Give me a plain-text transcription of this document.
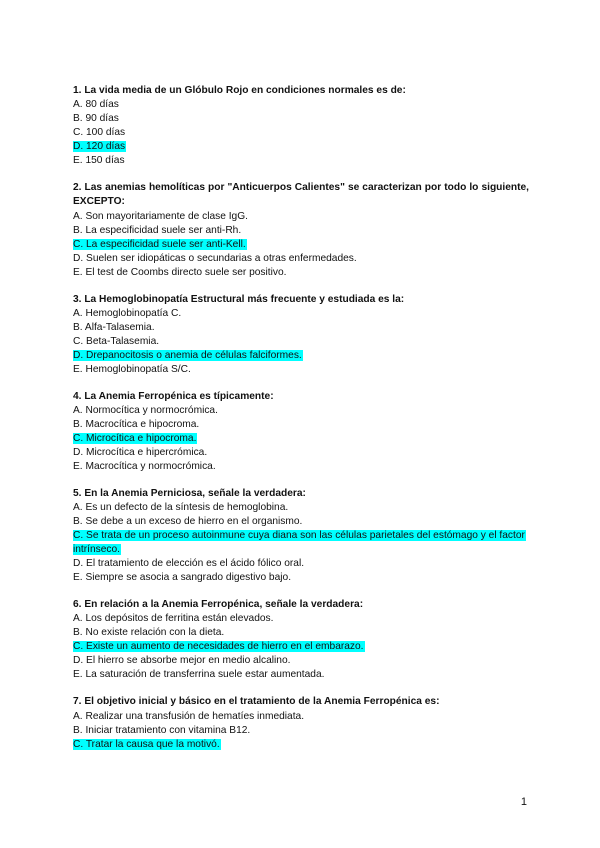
1. La vida media de un Glóbulo Rojo en condiciones normales es de:

A. 80 días
B. 90 días
C. 100 días
D. 120 días
E. 150 días

2. Las anemias hemolíticas por "Anticuerpos Calientes" se caracterizan por todo lo siguiente, EXCEPTO:

A. Son mayoritariamente de clase IgG.
B. La especificidad suele ser anti-Rh.
C. La especificidad suele ser anti-Kell.
D. Suelen ser idiopáticas o secundarias a otras enfermedades.
E. El test de Coombs directo suele ser positivo.

3. La Hemoglobinopatía Estructural más frecuente y estudiada es la:

A. Hemoglobinopatía C.
B. Alfa-Talasemia.
C. Beta-Talasemia.
D. Drepanocitosis o anemia de células falciformes.
E. Hemoglobinopatía S/C.

4. La Anemia Ferropénica es típicamente:

A. Normocítica y normocrómica.
B. Macrocítica e hipocroma.
C. Microcítica e hipocroma.
D. Microcítica e hipercrómica.
E. Macrocítica y normocrómica.

5. En la Anemia Perniciosa, señale la verdadera:

A. Es un defecto de la síntesis de hemoglobina.
B. Se debe a un exceso de hierro en el organismo.
C. Se trata de un proceso autoinmune cuya diana son las células parietales del estómago y el factor intrínseco.
D. El tratamiento de elección es el ácido fólico oral.
E. Siempre se asocia a sangrado digestivo bajo.

6. En relación a la Anemia Ferropénica, señale la verdadera:

A. Los depósitos de ferritina están elevados.
B. No existe relación con la dieta.
C. Existe un aumento de necesidades de hierro en el embarazo.
D. El hierro se absorbe mejor en medio alcalino.
E. La saturación de transferrina suele estar aumentada.

7. El objetivo inicial y básico en el tratamiento de la Anemia Ferropénica es:

A. Realizar una transfusión de hematíes inmediata.
B. Iniciar tratamiento con vitamina B12.
C. Tratar la causa que la motivó.
1
